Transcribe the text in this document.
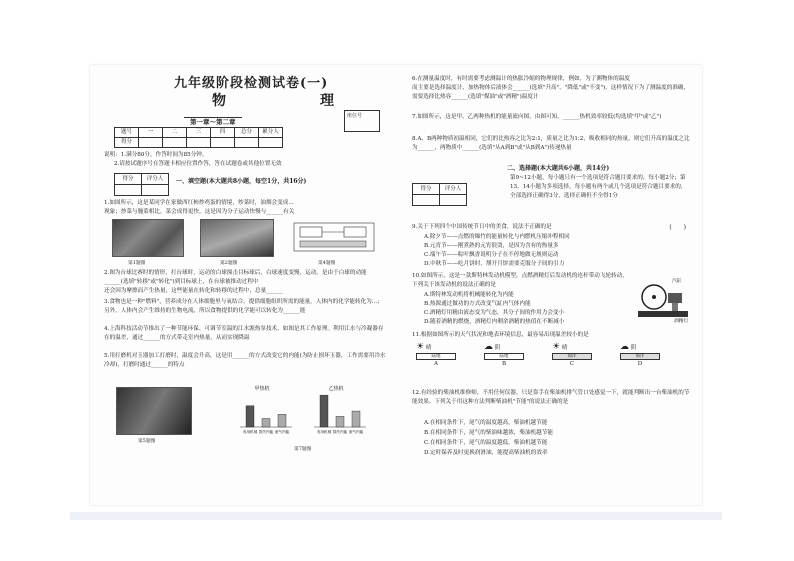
九年级阶段检测试卷(一)
物　　理
第一章～第二章
座位号
题号	一	二	三	四	总分	累分人
得分						
说明：1.满分80分，作答时间为85分钟。
2.请按试题序号在答题卡相应位置作答，答在试题卷或其他位置无效
得分	评分人
	一、填空题(本大题共8小题，每空1分，共16分)
1.如图所示，这是某同学在家做西红柿炒鸡蛋的情境，炒菜时，油烟会变成...
现象；炒菜与腌菜相比，菜会成得更快，这是因为分子运动快慢与______有关
第1题图	第2题图	第4题图
2.图为台球比赛时的情形，打台球时，运动的白球撞击目标球后，白球速度变慢，运动。是由于白球的动能______(选填"转移"或"转化")到目标球上，在台球被推动过程中
还会因为摩擦而产生热量，这些能量在转化和转移的过程中，总量______
3.食物也是一种"燃料"，营养成分在人体细胞里与氧结合，提供细胞组织所需的能量。人体内的化学能转化为...；另外，人体内会产生维持的生物电流，所以食物提供的化学能可以转化为______能
4.上海科技活动节推出了一种节能环保、可调节室温的江水源热泵技术。如图是其工作原理。利用江水与冷凝器存在的温差，通过______的方式带走室内热量，从而实现降温
5.用打磨机对玉器加工打磨时，温度会升高，这是用______的方式改变它的内能(为防止损坏玉器，工作需要用冷水冷却)，打磨时通过______的特点
第5题图
甲热机
有用机械 损失内能 废气内能
乙热机
有用机械 损失内能 废气内能
第7题图
6.在测量温度时，有时需要考虑测温计的热胀冷缩的物理规律，例如，为了测物体的温度
而主要是选择温度计，加热物体后液体会______(选填"升高"、"降低"或"不变")，这样情况下为了测温度的准确，需要选择比热容______(选填"煤油"或"酒精")温度计
7.如图所示，这是甲、乙两种热机的能量流向图，由图可知，______热机效率较低(均选填"甲"或"乙")
8.A、B两种物质初温相同，它们的比热容之比为2:1，质量之比为1:2，吸收相同的热量，则它们升高的温度之比为______，两物质中______(选填"从A到B"或"从B到A")传递热量
二、选择题(本大题共6小题，共14分)
得分	评分人

第9~12小题，每小题只有一个选项是符合题目要求的，每小题2分；第13、14小题为多项选择，每小题有两个或几个选项是符合题目要求的，全部选择正确得3分，选择正确但不全得1分
9.关于下列四个中国传统节日中的美食，说法不正确的是	(　　)
A.除夕节——点燃的爆竹的能量转化与内燃机压缩冲程相同
B.元宵节——刚煮熟的元宵很烫，是因为含有的热量多
C.端午节——粽叶飘香说明分子在不停地做无规则运动
D.中秋节——吃月饼时，掰开月饼需要克服分子间的引力
10.如图所示，这是一款斯特林发动机模型，点燃酒精灯后发动机的连杆带动飞轮转动，下列关于该发动机的说法正确的是
A.斯特林发动机将机械能转化为内能
B.热源通过做功的方式改变气缸内气体内能
C.酒精灯用精由液态变为气态，其分子间的作用力会变小
D.随着酒精的燃烧，酒精灯内剩余酒精的热值在不断减小
汽缸
酒精灯
11.根据如图所示的天气状况和地表环境信息，最容易出现温差较小的是
☀ 晴
陆地
A
☁ 阴
陆地
B
☀ 晴
海洋
C
☁ 阴
海洋
D
12.有经验的柴油机维修师，不用任何仪器，只是靠手在柴油机排气管口处感觉一下，就能判断出一台柴油机的节能效果。下列关于用这种方法判断柴油机"节能"的说法正确的是
A.在相同条件下，尾气的温度越高，柴油机越节能
B.在相同条件下，尾气的柴油味越浓，柴油机越节能
C.在相同条件下，尾气的温度越低，柴油机越节能
D.定时保养及时更换润滑油，能提高柴油机的效率
